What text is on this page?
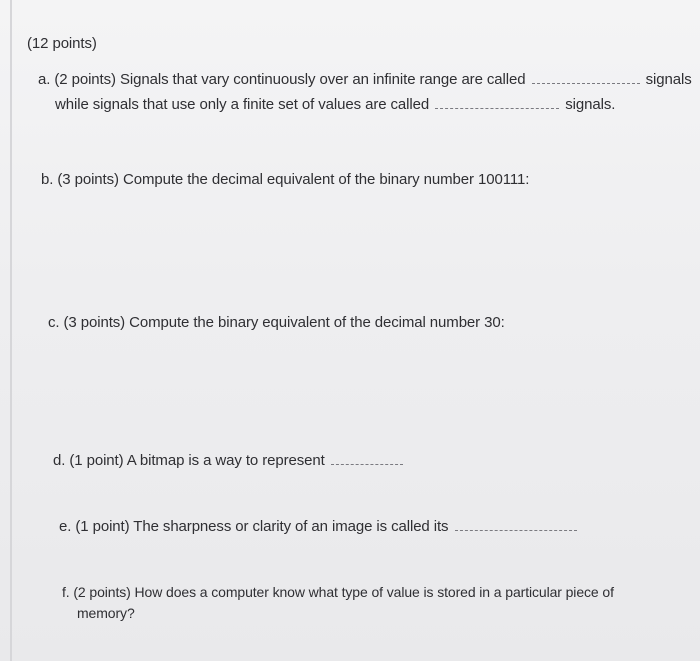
(12 points)
a. (2 points) Signals that vary continuously over an infinite range are called	signals
while signals that use only a finite set of values are called	signals.
b. (3 points) Compute the decimal equivalent of the binary number 100111:
c. (3 points) Compute the binary equivalent of the decimal number 30:
d. (1 point) A bitmap is a way to represent
e. (1 point) The sharpness or clarity of an image is called its
f. (2 points) How does a computer know what type of value is stored in a particular piece of
memory?
